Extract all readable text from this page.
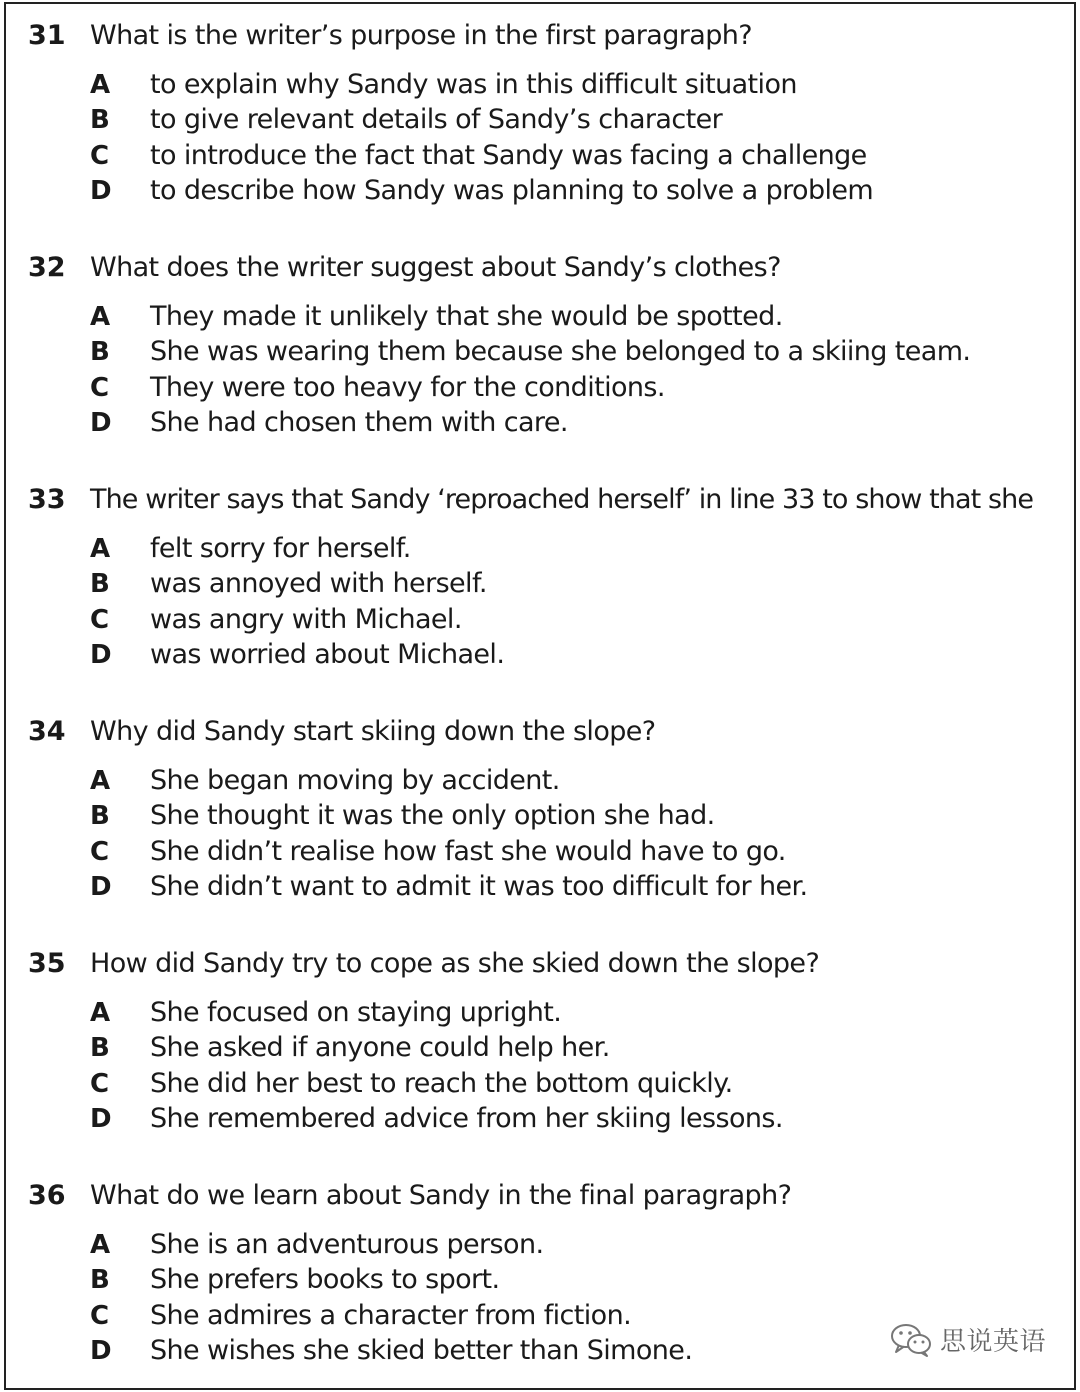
31 What is the writer’s purpose in the first paragraph?
A to explain why Sandy was in this difficult situation
B to give relevant details of Sandy’s character
C to introduce the fact that Sandy was facing a challenge
D to describe how Sandy was planning to solve a problem
32 What does the writer suggest about Sandy’s clothes?
A They made it unlikely that she would be spotted.
B She was wearing them because she belonged to a skiing team.
C They were too heavy for the conditions.
D She had chosen them with care.
33 The writer says that Sandy ‘reproached herself’ in line 33 to show that she
A felt sorry for herself.
B was annoyed with herself.
C was angry with Michael.
D was worried about Michael.
34 Why did Sandy start skiing down the slope?
A She began moving by accident.
B She thought it was the only option she had.
C She didn’t realise how fast she would have to go.
D She didn’t want to admit it was too difficult for her.
35 How did Sandy try to cope as she skied down the slope?
A She focused on staying upright.
B She asked if anyone could help her.
C She did her best to reach the bottom quickly.
D She remembered advice from her skiing lessons.
36 What do we learn about Sandy in the final paragraph?
A She is an adventurous person.
B She prefers books to sport.
C She admires a character from fiction.
D She wishes she skied better than Simone.	思说英语
